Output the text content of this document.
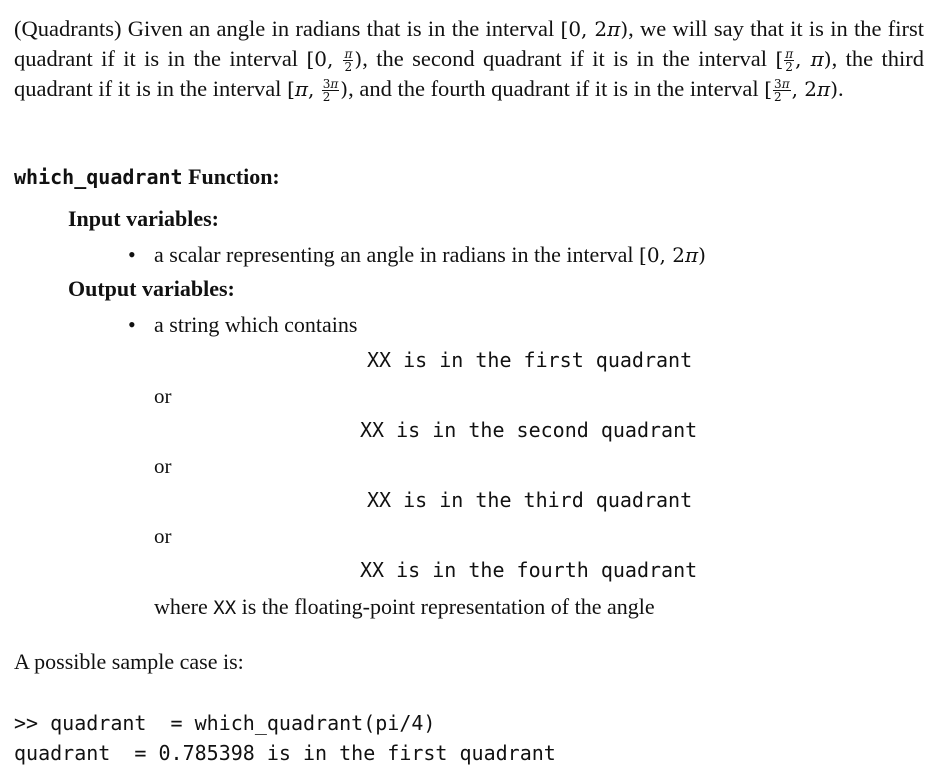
(Quadrants) Given an angle in radians that is in the interval [0, 2π), we will say that it is in the first quadrant if it is in the interval [0, $\frac{\pi}{2}$ ), the second quadrant if it is in the interval [ $\frac{\pi}{2}$ , π), the third quadrant if it is in the interval [π, $\frac{3\pi}{2}$ ), and the fourth quadrant if it is in the interval [ $\frac{3\pi}{2}$ , 2π).

which_quadrant Function:

Input variables:

• a scalar representing an angle in radians in the interval [0, 2π)

Output variables:

• a string which contains
XX is in the first quadrant
or
XX is in the second quadrant
or
XX is in the third quadrant
or
XX is in the fourth quadrant
where XX is the floating-point representation of the angle
A possible sample case is:
>> quadrant  = which_quadrant(pi/4)
quadrant  = 0.785398 is in the first quadrant
